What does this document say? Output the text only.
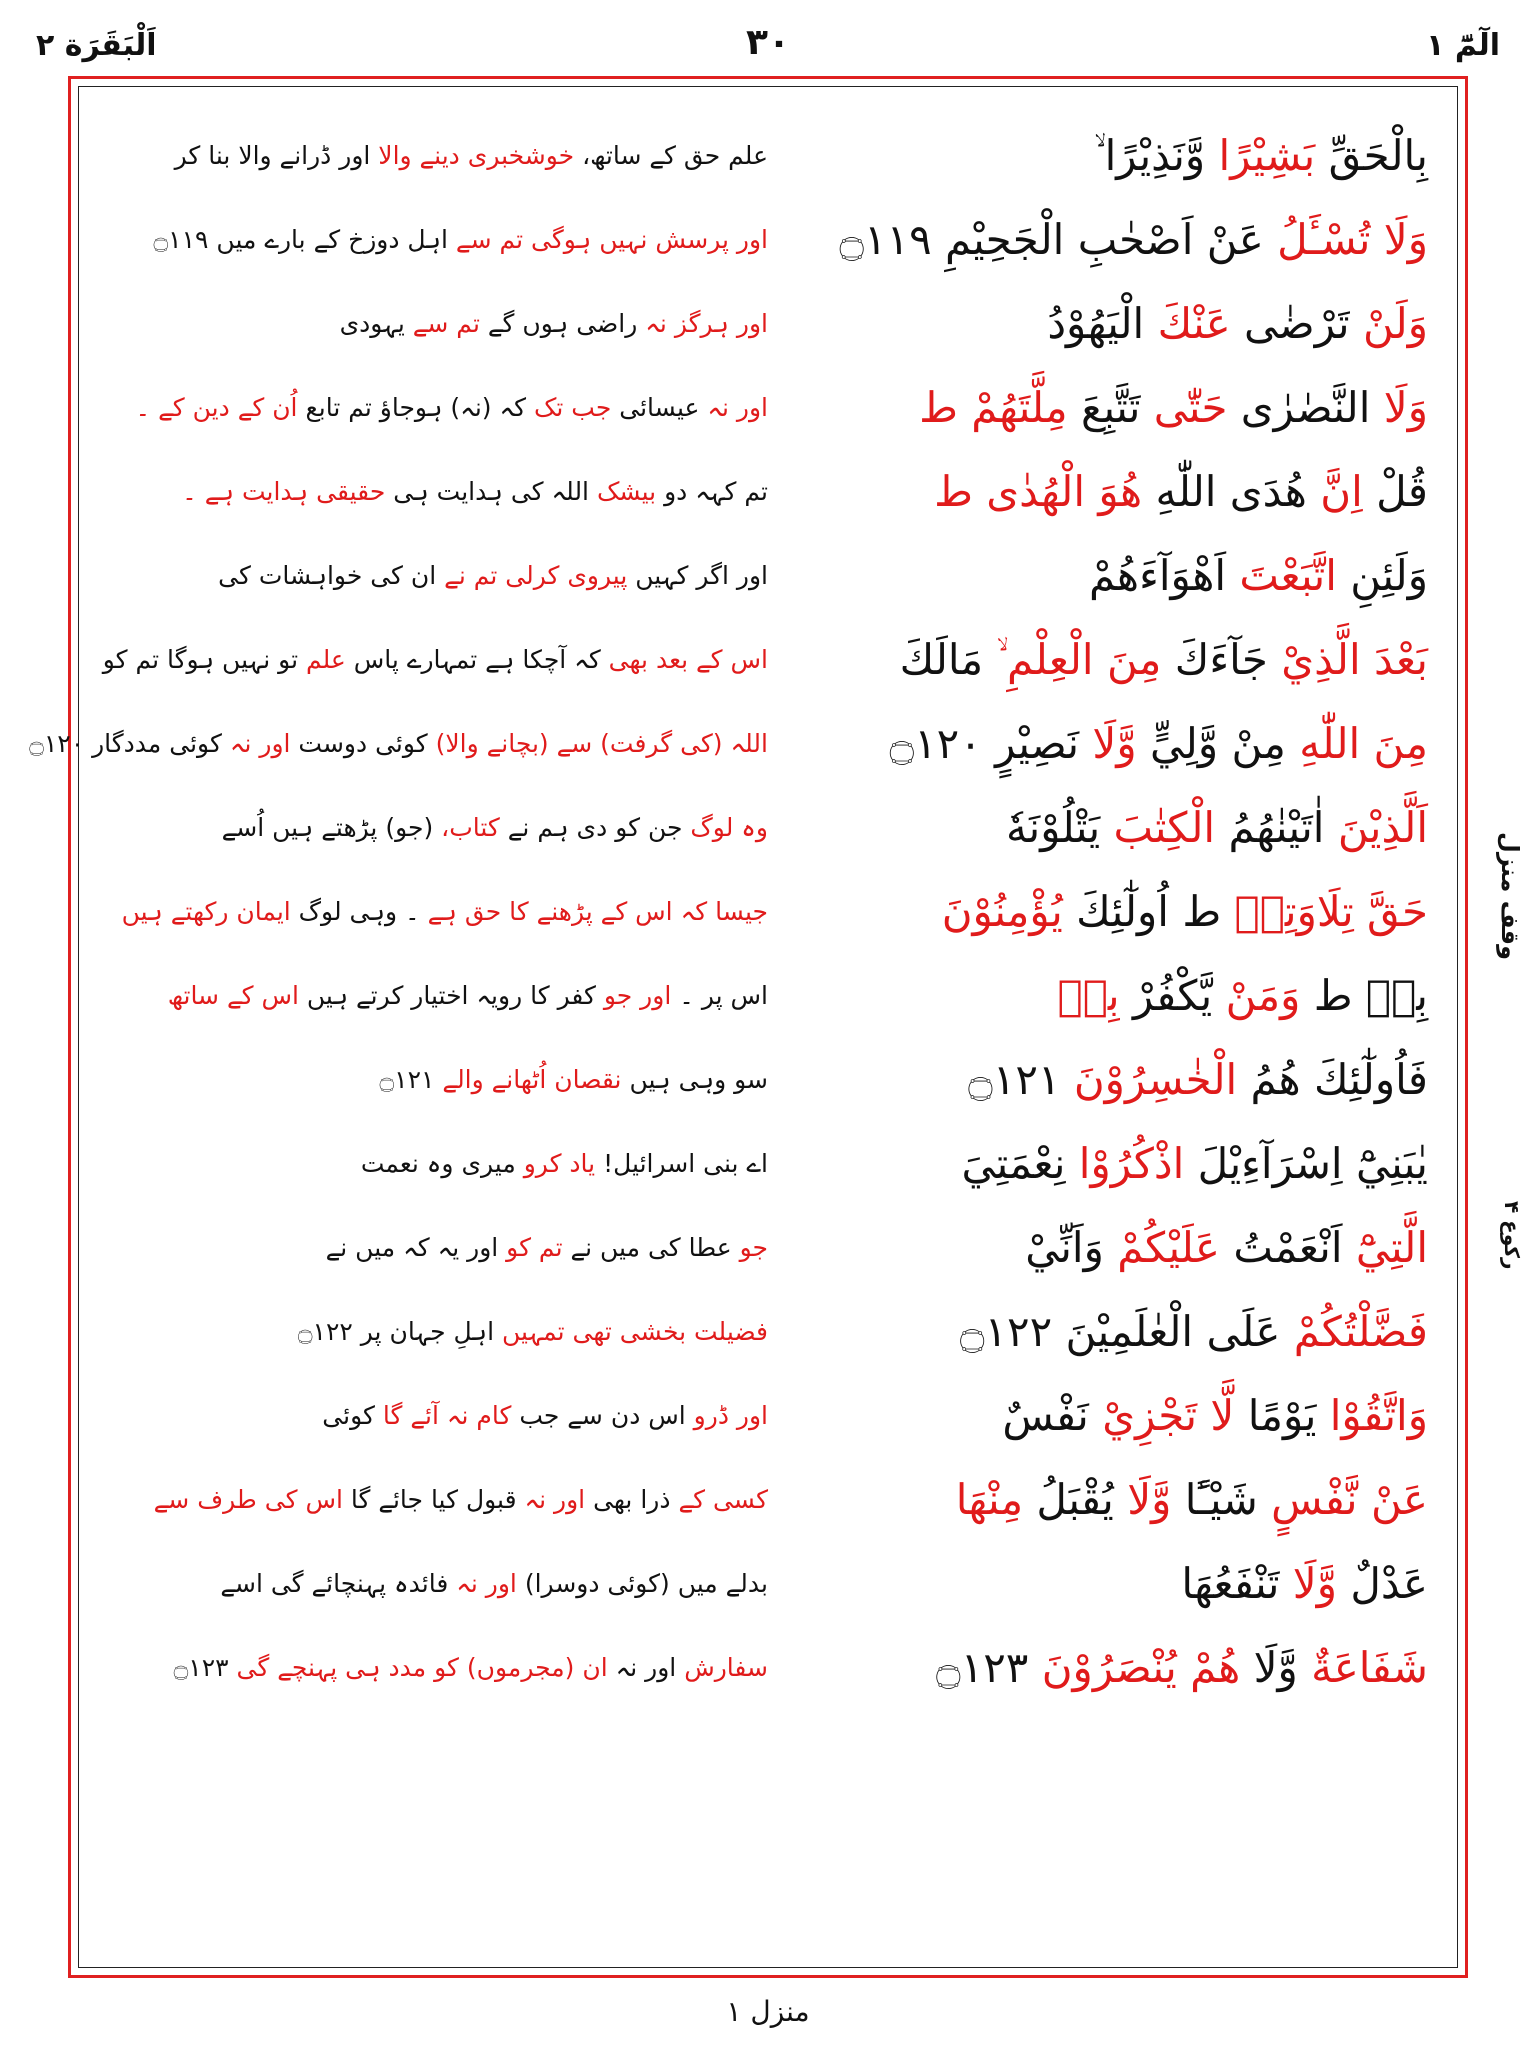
الٓمّٓ ١
٣٠
اَلْبَقَرَة ٢
وقف منزل
رکوع ۴
بِالْحَقِّ بَشِيْرًا وَّنَذِيْرًا ۙ
علم حق کے ساتھ، خوشخبری دینے والا اور ڈرانے والا بنا کر
وَلَا تُسْـَٔلُ عَنْ اَصْحٰبِ الْجَحِيْمِ ۝١١٩
اور پرسش نہیں ہوگی تم سے اہل دوزخ کے بارے میں ۝١١٩
وَلَنْ تَرْضٰى عَنْكَ الْيَهُوْدُ
اور ہرگز نہ راضی ہوں گے تم سے یہودی
وَلَا النَّصٰرٰى حَتّٰى تَتَّبِعَ مِلَّتَهُمْ ط
اور نہ عیسائی جب تک کہ (نہ) ہوجاؤ تم تابع اُن کے دین کے ۔
قُلْ اِنَّ هُدَى اللّٰهِ هُوَ الْهُدٰى ط
تم کہہ دو بیشک اللہ کی ہدایت ہی حقیقی ہدایت ہے ۔
وَلَئِنِ اتَّبَعْتَ اَهْوَآءَهُمْ
اور اگر کہیں پیروی کرلی تم نے ان کی خواہشات کی
بَعْدَ الَّذِيْ جَآءَكَ مِنَ الْعِلْمِ ۙ مَالَكَ
اس کے بعد بھی کہ آچکا ہے تمہارے پاس علم تو نہیں ہوگا تم کو
مِنَ اللّٰهِ مِنْ وَّلِيٍّ وَّلَا نَصِيْرٍ ۝١٢٠
اللہ (کی گرفت) سے (بچانے والا) کوئی دوست اور نہ کوئی مددگار ۝١٢٠
اَلَّذِيْنَ اٰتَيْنٰهُمُ الْكِتٰبَ يَتْلُوْنَهٗ
وہ لوگ جن کو دی ہم نے کتاب، (جو) پڑھتے ہیں اُسے
حَقَّ تِلَاوَتِهٖ ط اُولٰٓئِكَ يُؤْمِنُوْنَ
جیسا کہ اس کے پڑھنے کا حق ہے ۔ وہی لوگ ایمان رکھتے ہیں
بِهٖ ط وَمَنْ يَّكْفُرْ بِهٖ
اس پر ۔ اور جو کفر کا رویہ اختیار کرتے ہیں اس کے ساتھ
فَاُولٰٓئِكَ هُمُ الْخٰسِرُوْنَ ۝١٢١
سو وہی ہیں نقصان اُٹھانے والے ۝١٢١
يٰبَنِيْٓ اِسْرَآءِيْلَ اذْكُرُوْا نِعْمَتِيَ
اے بنی اسرائیل! یاد کرو میری وہ نعمت
الَّتِيْٓ اَنْعَمْتُ عَلَيْكُمْ وَاَنِّيْ
جو عطا کی میں نے تم کو اور یہ کہ میں نے
فَضَّلْتُكُمْ عَلَى الْعٰلَمِيْنَ ۝١٢٢
فضیلت بخشی تھی تمہیں اہلِ جہان پر ۝١٢٢
وَاتَّقُوْا يَوْمًا لَّا تَجْزِيْ نَفْسٌ
اور ڈرو اس دن سے جب کام نہ آئے گا کوئی
عَنْ نَّفْسٍ شَيْـًٔا وَّلَا يُقْبَلُ مِنْهَا
کسی کے ذرا بھی اور نہ قبول کیا جائے گا اس کی طرف سے
عَدْلٌ وَّلَا تَنْفَعُهَا
بدلے میں (کوئی دوسرا) اور نہ فائدہ پہنچائے گی اسے
شَفَاعَةٌ وَّلَا هُمْ يُنْصَرُوْنَ ۝١٢٣
سفارش اور نہ ان (مجرموں) کو مدد ہی پہنچے گی ۝١٢٣
منزل ١
